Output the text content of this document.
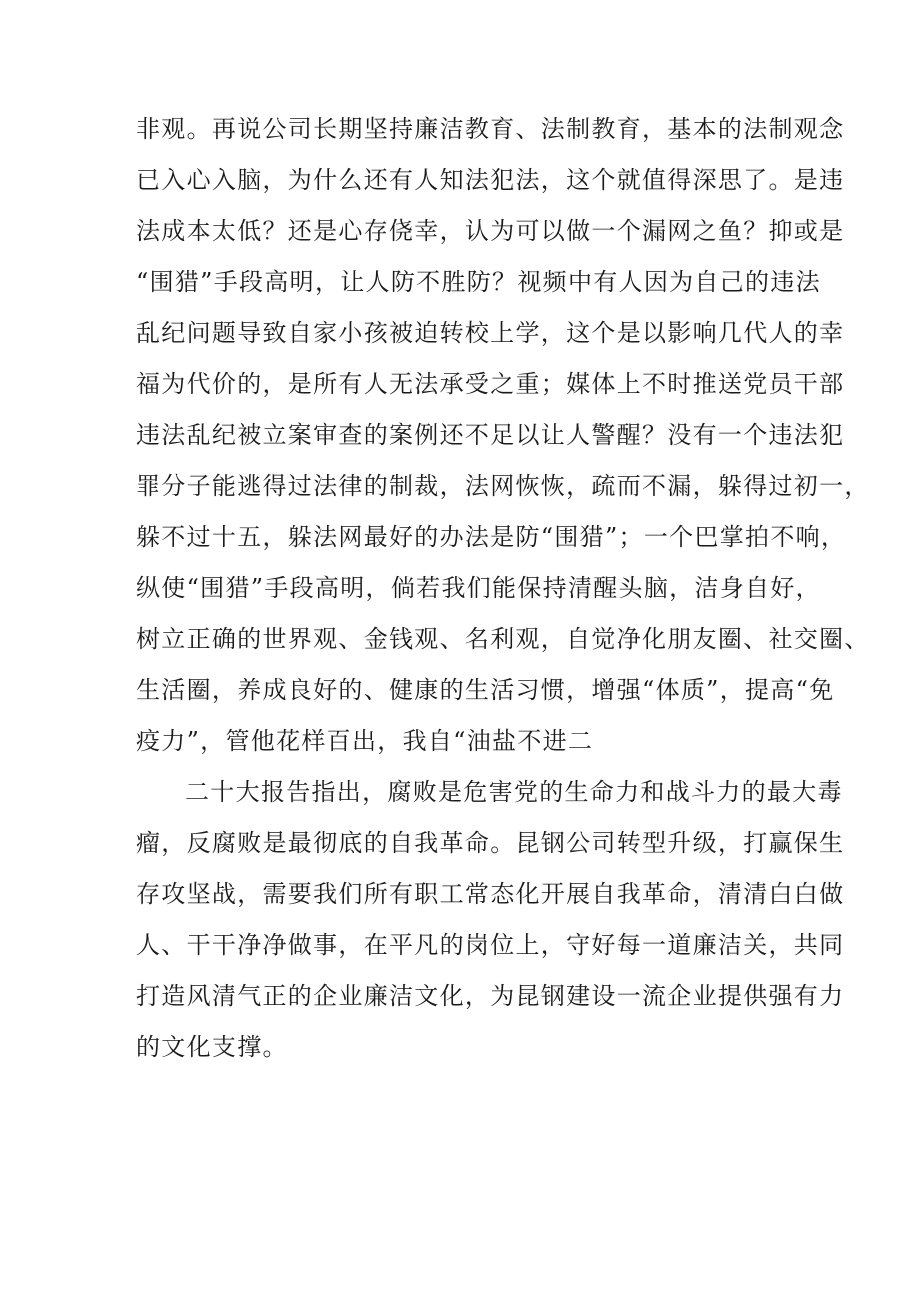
非观。再说公司长期坚持廉洁教育、法制教育，基本的法制观念

已入心入脑，为什么还有人知法犯法，这个就值得深思了。是违

法成本太低？还是心存侥幸，认为可以做一个漏网之鱼？抑或是

“围猎”手段高明，让人防不胜防？视频中有人因为自己的违法

乱纪问题导致自家小孩被迫转校上学，这个是以影响几代人的幸

福为代价的，是所有人无法承受之重；媒体上不时推送党员干部

违法乱纪被立案审查的案例还不足以让人警醒？没有一个违法犯

罪分子能逃得过法律的制裁，法网恢恢，疏而不漏，躲得过初一，

躲不过十五，躲法网最好的办法是防“围猎”；一个巴掌拍不响，

纵使“围猎”手段高明，倘若我们能保持清醒头脑，洁身自好，

树立正确的世界观、金钱观、名利观，自觉净化朋友圈、社交圈、

生活圈，养成良好的、健康的生活习惯，增强“体质”，提高“免

疫力”，管他花样百出，我自“油盐不进二

二十大报告指出，腐败是危害党的生命力和战斗力的最大毒

瘤，反腐败是最彻底的自我革命。昆钢公司转型升级，打赢保生

存攻坚战，需要我们所有职工常态化开展自我革命，清清白白做

人、干干净净做事，在平凡的岗位上，守好每一道廉洁关，共同

打造风清气正的企业廉洁文化，为昆钢建设一流企业提供强有力

的文化支撑。
